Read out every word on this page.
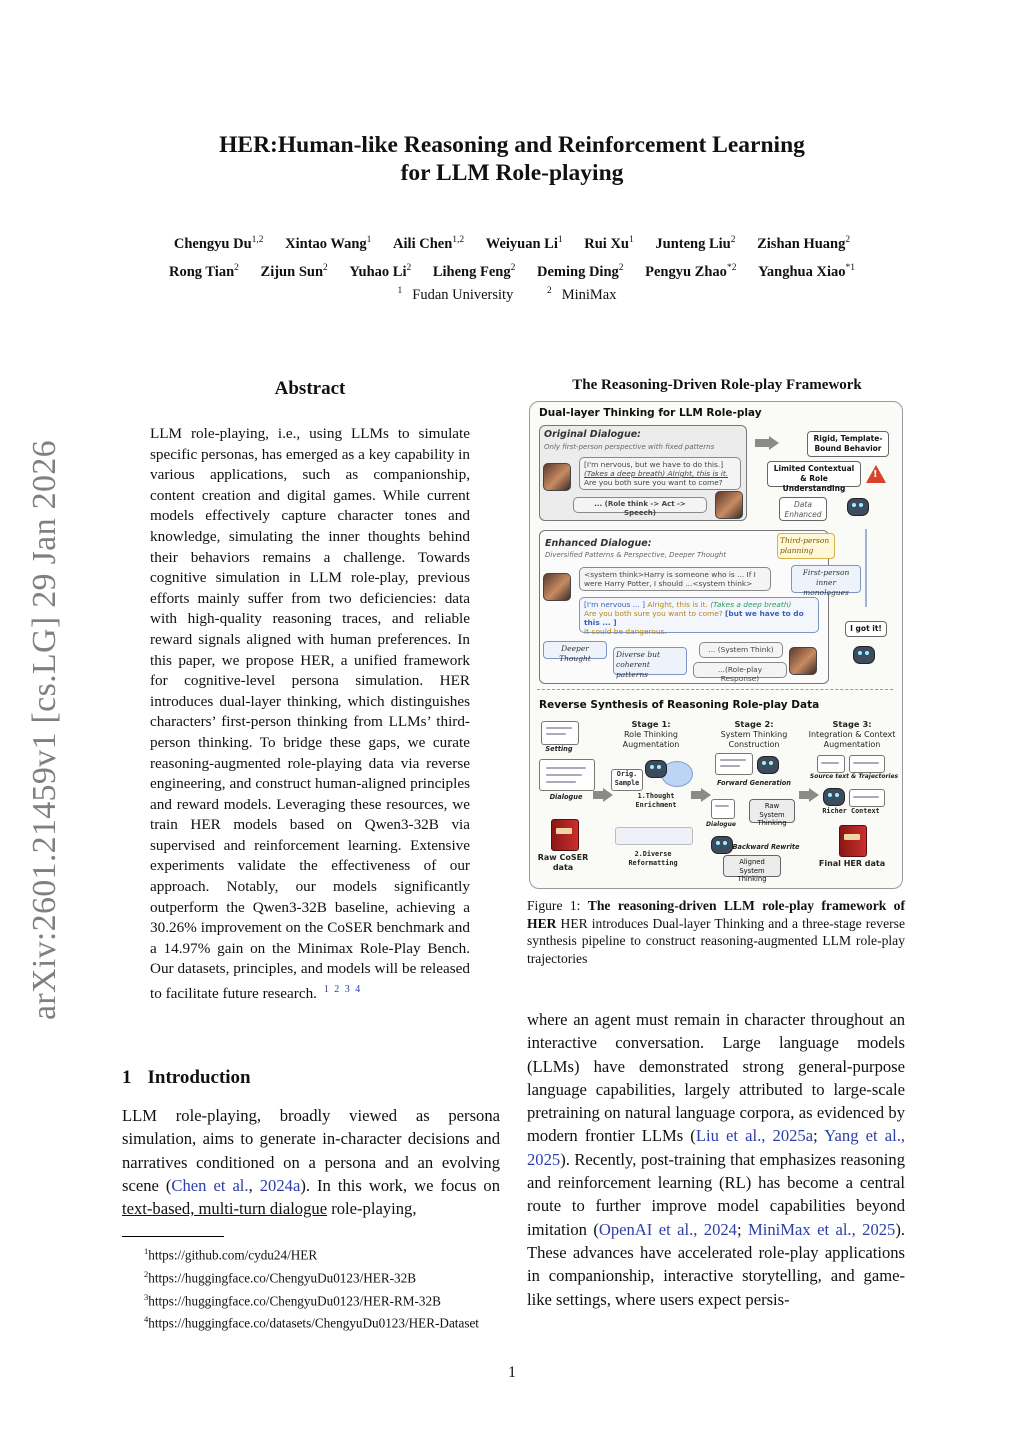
arXiv:2601.21459v1 [cs.LG] 29 Jan 2026
HER:Human-like Reasoning and Reinforcement Learning
for LLM Role-playing
Chengyu Du$^{1,2}$ Xintao Wang$^1$ Aili Chen$^{1,2}$ Weiyuan Li$^1$ Rui Xu$^1$ Junteng Liu$^2$ Zishan Huang$^2$
Rong Tian$^2$ Zijun Sun$^2$ Yuhao Li$^2$ Liheng Feng$^2$ Deming Ding$^2$ Pengyu Zhao$^{*2}$ Yanghua Xiao$^{*1}$
$^1$ Fudan University	$^2$ MiniMax
Abstract
LLM role-playing, i.e., using LLMs to simulate specific personas, has emerged as a key capability in various applications, such as companionship, content creation and digital games. While current models effectively capture character tones and knowledge, simulating the inner thoughts behind their behaviors remains a challenge. Towards cognitive simulation in LLM role-play, previous efforts mainly suffer from two deficiencies: data with high-quality reasoning traces, and reliable reward signals aligned with human preferences. In this paper, we propose HER, a unified framework for cognitive-level persona simulation. HER introduces dual-layer thinking, which distinguishes characters’ first-person thinking from LLMs’ third-person thinking. To bridge these gaps, we curate reasoning-augmented role-playing data via reverse engineering, and construct human-aligned principles and reward models. Leveraging these resources, we train HER models based on Qwen3-32B via supervised and reinforcement learning. Extensive experiments validate the effectiveness of our approach. Notably, our models significantly outperform the Qwen3-32B baseline, achieving a 30.26% improvement on the CoSER benchmark and a 14.97% gain on the Minimax Role-Play Bench. Our datasets, principles, and models will be released to facilitate future research. $^{1 2 3 4}$
1 Introduction
LLM role-playing, broadly viewed as persona simulation, aims to generate in-character decisions and narratives conditioned on a persona and an evolving scene (Chen et al., 2024a). In this work, we focus on text-based, multi-turn dialogue role-playing,
$^1$https://github.com/cydu24/HER
$^2$https://huggingface.co/ChengyuDu0123/HER-32B
$^3$https://huggingface.co/ChengyuDu0123/HER-RM-32B
$^4$https://huggingface.co/datasets/ChengyuDu0123/HER-Dataset
The Reasoning-Driven Role-play Framework
Dual-layer Thinking for LLM Role-play
Original Dialogue:
Only first-person perspective with fixed patterns
[I'm nervous, but we have to do this.]
(Takes a deep breath) Alright, this is it.
Are you both sure you want to come?
... (Role think -> Act -> Speech)
Rigid, Template-Bound Behavior
Limited Contextual & Role Understanding
!
Data Enhanced
Enhanced Dialogue:
Diversified Patterns & Perspective, Deeper Thought
Third-person planning
First-person inner monologues
<system think>Harry is someone who is ... If I were Harry Potter, I should ...<system think>
[I'm nervous ... ] Alright, this is it. (Takes a deep breath)
Are you both sure you want to come? [but we have to do this ... ]
It could be dangerous.
Deeper Thought	Diverse but coherent patterns
... (System Think)
...(Role-play Response)
I got it!
Reverse Synthesis of Reasoning Role-play Data
Setting
Dialogue
Raw CoSER data
Stage 1:
Role Thinking Augmentation
Orig. Sample
1.Thought Enrichment
2.Diverse Reformatting
Stage 2:
System Thinking Construction
Forward Generation
Dialogue
Raw System Thinking
Backward Rewrite
Aligned System Thinking
Stage 3:
Integration & Context Augmentation
Source text & Trajectories
Richer Context
Final HER data
Figure 1: The reasoning-driven LLM role-play framework of HER HER introduces Dual-layer Thinking and a three-stage reverse synthesis pipeline to construct reasoning-augmented LLM role-play trajectories
where an agent must remain in character throughout an interactive conversation. Large language models (LLMs) have demonstrated strong general-purpose language capabilities, largely attributed to large-scale pretraining on natural language corpora, as evidenced by modern frontier LLMs (Liu et al., 2025a; Yang et al., 2025). Recently, post-training that emphasizes reasoning and reinforcement learning (RL) has become a central route to further improve model capabilities beyond imitation (OpenAI et al., 2024; MiniMax et al., 2025). These advances have accelerated role-play applications in companionship, interactive storytelling, and game-like settings, where users expect persis-
1
